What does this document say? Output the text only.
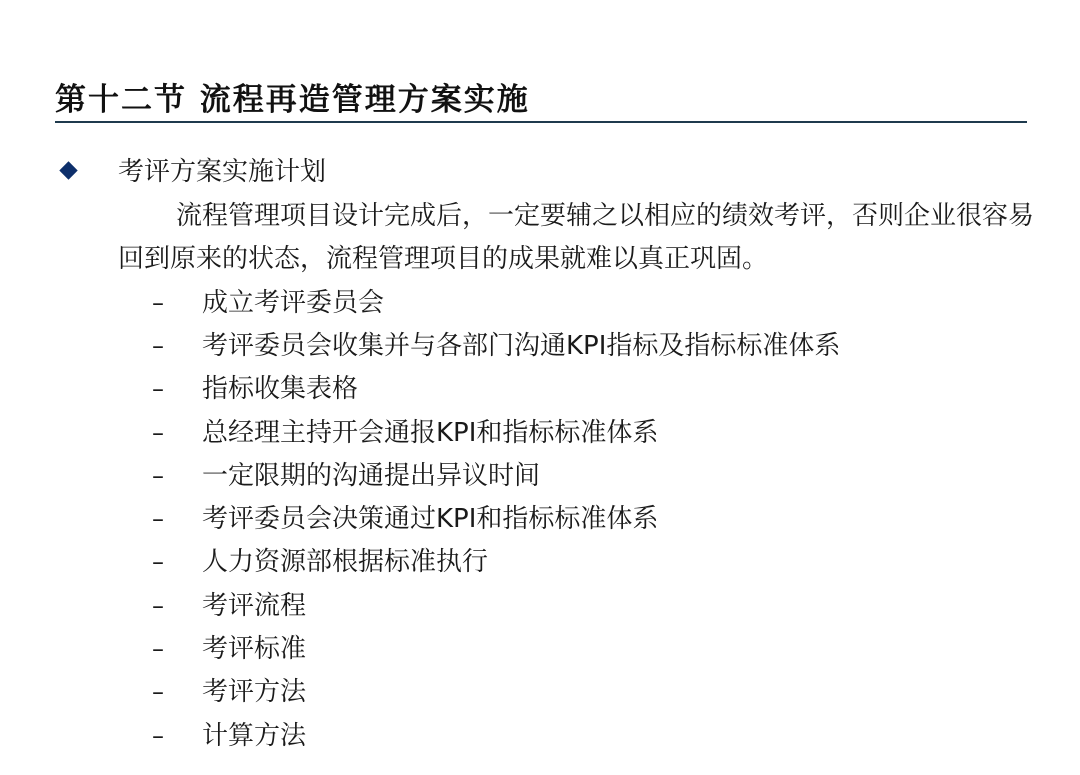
第十二节 流程再造管理方案实施
考评方案实施计划
流程管理项目设计完成后，一定要辅之以相应的绩效考评，否则企业很容易回到原来的状态，流程管理项目的成果就难以真正巩固。
–	成立考评委员会
–	考评委员会收集并与各部门沟通KPI指标及指标标准体系
–	指标收集表格
–	总经理主持开会通报KPI和指标标准体系
–	一定限期的沟通提出异议时间
–	考评委员会决策通过KPI和指标标准体系
–	人力资源部根据标准执行
–	考评流程
–	考评标准
–	考评方法
–	计算方法
